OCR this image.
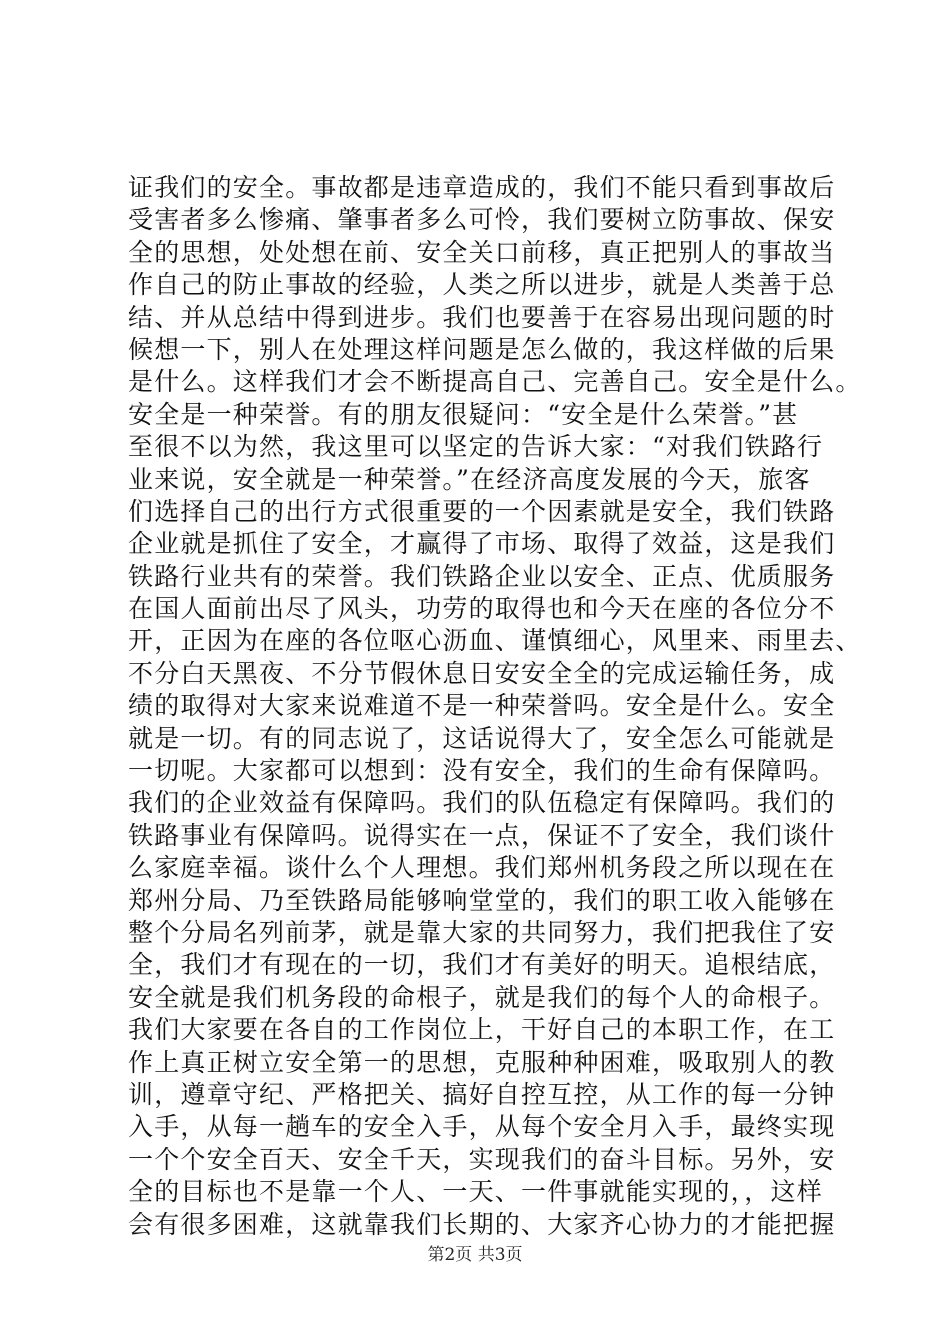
证我们的安全。事故都是违章造成的，我们不能只看到事故后
受害者多么惨痛、肇事者多么可怜，我们要树立防事故、保安
全的思想，处处想在前、安全关口前移，真正把别人的事故当
作自己的防止事故的经验，人类之所以进步，就是人类善于总
结、并从总结中得到进步。我们也要善于在容易出现问题的时
候想一下，别人在处理这样问题是怎么做的，我这样做的后果
是什么。这样我们才会不断提高自己、完善自己。安全是什么。
安全是一种荣誉。有的朋友很疑问：“安全是什么荣誉。”甚
至很不以为然，我这里可以坚定的告诉大家：“对我们铁路行
业来说，安全就是一种荣誉。”在经济高度发展的今天，旅客
们选择自己的出行方式很重要的一个因素就是安全，我们铁路
企业就是抓住了安全，才赢得了市场、取得了效益，这是我们
铁路行业共有的荣誉。我们铁路企业以安全、正点、优质服务
在国人面前出尽了风头，功劳的取得也和今天在座的各位分不
开，正因为在座的各位呕心沥血、谨慎细心，风里来、雨里去、
不分白天黑夜、不分节假休息日安安全全的完成运输任务，成
绩的取得对大家来说难道不是一种荣誉吗。安全是什么。安全
就是一切。有的同志说了，这话说得大了，安全怎么可能就是
一切呢。大家都可以想到：没有安全，我们的生命有保障吗。
我们的企业效益有保障吗。我们的队伍稳定有保障吗。我们的
铁路事业有保障吗。说得实在一点，保证不了安全，我们谈什
么家庭幸福。谈什么个人理想。我们郑州机务段之所以现在在
郑州分局、乃至铁路局能够响堂堂的，我们的职工收入能够在
整个分局名列前茅，就是靠大家的共同努力，我们把我住了安
全，我们才有现在的一切，我们才有美好的明天。追根结底，
安全就是我们机务段的命根子，就是我们的每个人的命根子。
我们大家要在各自的工作岗位上，干好自己的本职工作，在工
作上真正树立安全第一的思想，克服种种困难，吸取别人的教
训，遵章守纪、严格把关、搞好自控互控，从工作的每一分钟
入手，从每一趟车的安全入手，从每个安全月入手，最终实现
一个个安全百天、安全千天，实现我们的奋斗目标。另外，安
全的目标也不是靠一个人、一天、一件事就能实现的，，这样
会有很多困难，这就靠我们长期的、大家齐心协力的才能把握
第2页 共3页
